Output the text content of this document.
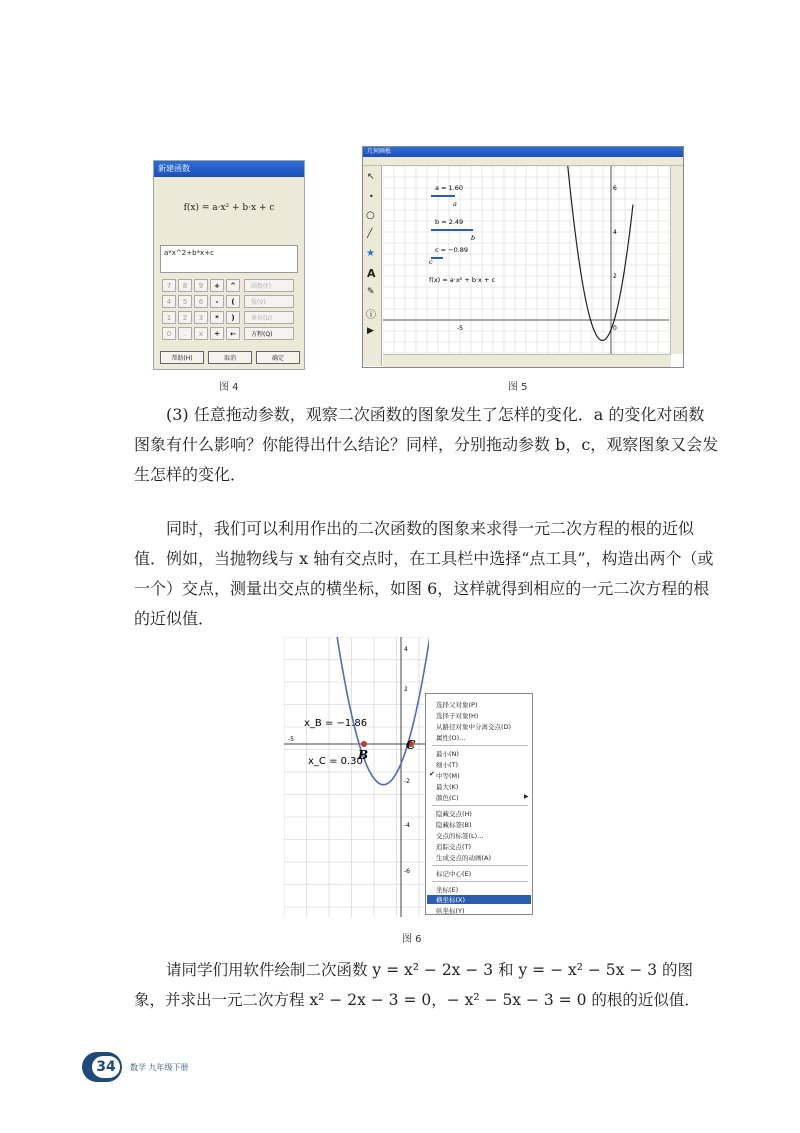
新建函数
f(x) = a·x² + b·x + c
a*x^2+b*x+c
7	8	9	+	^
4	5	6	-	(
1	2	3	*	)
0	.	x	÷	←
函数(F)
值(V)
单位(U)
方程(Q)
帮助(H)	取消	确定
图 4
几何画板
↖
•
○
╱
★
A
✎
ⓘ
▶
a = 1.60
a
b = 2.49
b
c = −0.89
c
f(x) = a·x² + b·x + c
-5	0
6
4
2
图 5
(3) 任意拖动参数，观察二次函数的图象发生了怎样的变化．a 的变化对函数图象有什么影响？你能得出什么结论？同样，分别拖动参数 b，c，观察图象又会发生怎样的变化．
同时，我们可以利用作出的二次函数的图象来求得一元二次方程的根的近似值．例如，当抛物线与 x 轴有交点时，在工具栏中选择“点工具”，构造出两个（或一个）交点，测量出交点的横坐标，如图 6，这样就得到相应的一元二次方程的根的近似值．
x_B = −1.86
x_C = 0.30
B
C
-5
4
2
-2
-4
-6
选择父对象(P)
选择子对象(H)
从路径对象中分离交点(D)
属性(O)…
最小(N)
细小(T)
✔ 中等(M)
最大(K)
颜色(C)	▶
隐藏交点(H)
隐藏标签(B)
交点的标签(L)…
追踪交点(T)
生成交点的动画(A)
标记中心(E)
坐标(E)
横坐标(X)
纵坐标(Y)
图 6
请同学们用软件绘制二次函数 y = x² − 2x − 3 和 y = − x² − 5x − 3 的图
象，并求出一元二次方程 x² − 2x − 3 = 0，− x² − 5x − 3 = 0 的根的近似值．
34	数学 九年级下册
